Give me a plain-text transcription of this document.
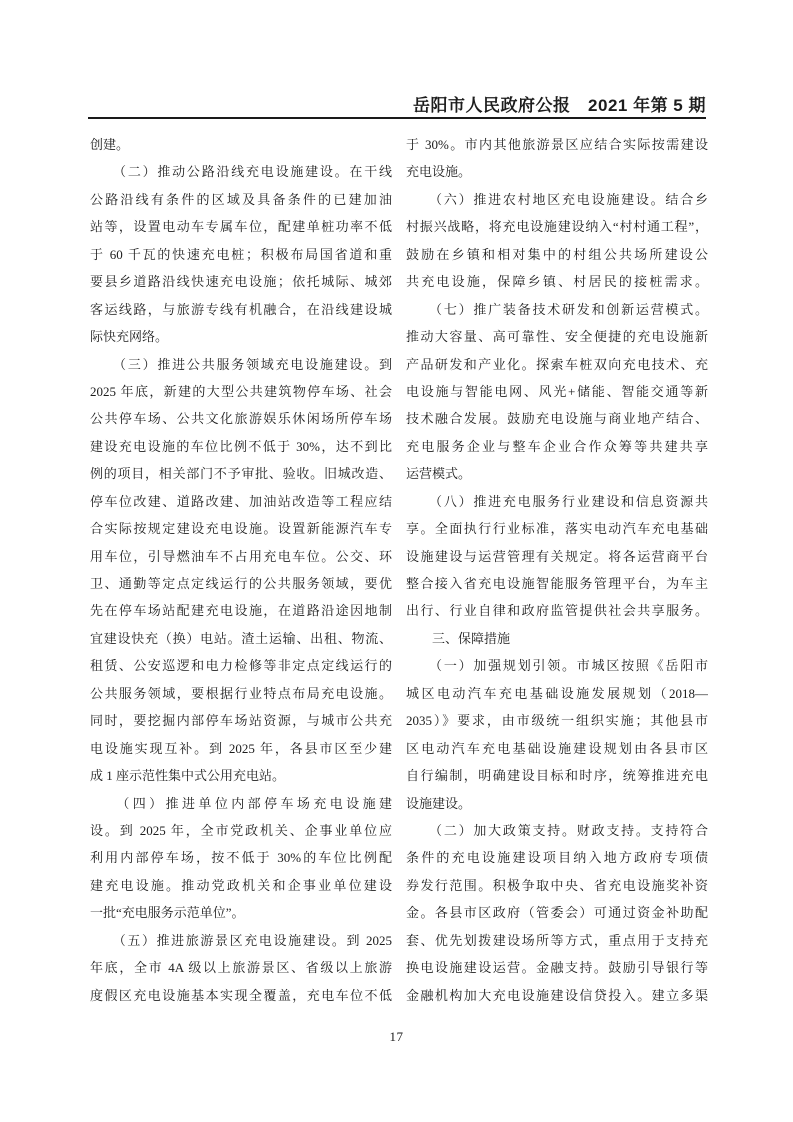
岳阳市人民政府公报　2021 年第 5 期
创建。
　　（二）推动公路沿线充电设施建设。在干线
公路沿线有条件的区域及具备条件的已建加油
站等，设置电动车专属车位，配建单桩功率不低
于 60 千瓦的快速充电桩；积极布局国省道和重
要县乡道路沿线快速充电设施；依托城际、城郊
客运线路，与旅游专线有机融合，在沿线建设城
际快充网络。
　　（三）推进公共服务领域充电设施建设。到
2025 年底，新建的大型公共建筑物停车场、社会
公共停车场、公共文化旅游娱乐休闲场所停车场
建设充电设施的车位比例不低于 30%，达不到比
例的项目，相关部门不予审批、验收。旧城改造、
停车位改建、道路改建、加油站改造等工程应结
合实际按规定建设充电设施。设置新能源汽车专
用车位，引导燃油车不占用充电车位。公交、环
卫、通勤等定点定线运行的公共服务领域，要优
先在停车场站配建充电设施，在道路沿途因地制
宜建设快充（换）电站。渣土运输、出租、物流、
租赁、公安巡逻和电力检修等非定点定线运行的
公共服务领域，要根据行业特点布局充电设施。
同时，要挖掘内部停车场站资源，与城市公共充
电设施实现互补。到 2025 年，各县市区至少建
成 1 座示范性集中式公用充电站。
　　（四）推进单位内部停车场充电设施建
设。到 2025 年，全市党政机关、企事业单位应
利用内部停车场，按不低于 30%的车位比例配
建充电设施。推动党政机关和企事业单位建设
一批“充电服务示范单位”。
　　（五）推进旅游景区充电设施建设。到 2025
年底，全市 4A 级以上旅游景区、省级以上旅游
度假区充电设施基本实现全覆盖，充电车位不低
于 30%。市内其他旅游景区应结合实际按需建设
充电设施。
　　（六）推进农村地区充电设施建设。结合乡
村振兴战略，将充电设施建设纳入“村村通工程”，
鼓励在乡镇和相对集中的村组公共场所建设公
共充电设施，保障乡镇、村居民的接桩需求。
　　（七）推广装备技术研发和创新运营模式。
推动大容量、高可靠性、安全便捷的充电设施新
产品研发和产业化。探索车桩双向充电技术、充
电设施与智能电网、风光+储能、智能交通等新
技术融合发展。鼓励充电设施与商业地产结合、
充电服务企业与整车企业合作众筹等共建共享
运营模式。
　　（八）推进充电服务行业建设和信息资源共
享。全面执行行业标准，落实电动汽车充电基础
设施建设与运营管理有关规定。将各运营商平台
整合接入省充电设施智能服务管理平台，为车主
出行、行业自律和政府监管提供社会共享服务。
　　三、保障措施
　　（一）加强规划引领。市城区按照《岳阳市
城区电动汽车充电基础设施发展规划（2018—
2035）》要求，由市级统一组织实施；其他县市
区电动汽车充电基础设施建设规划由各县市区
自行编制，明确建设目标和时序，统筹推进充电
设施建设。
　　（二）加大政策支持。财政支持。支持符合
条件的充电设施建设项目纳入地方政府专项债
券发行范围。积极争取中央、省充电设施奖补资
金。各县市区政府（管委会）可通过资金补助配
套、优先划拨建设场所等方式，重点用于支持充
换电设施建设运营。金融支持。鼓励引导银行等
金融机构加大充电设施建设信贷投入。建立多渠
17
